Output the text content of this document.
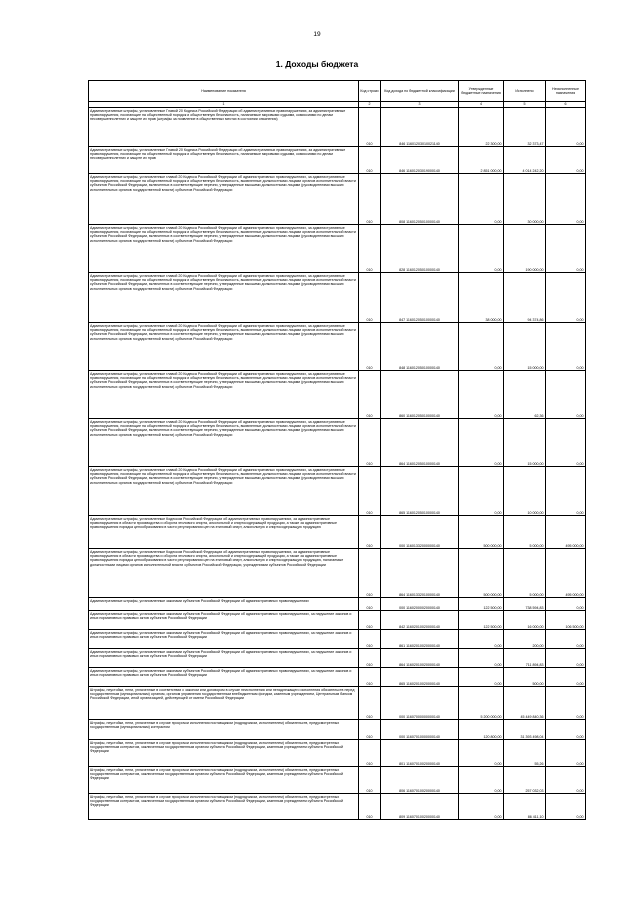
19
1. Доходы бюджета
Наименование показателя	Код строки	Код дохода по бюджетной классификации	Утвержденные бюджетные назначения	Исполнено	Неисполненные назначения
1	2	3	4	5	6
Административные штрафы, установленные Главой 20 Кодекса Российской Федерации об административных правонарушениях, за административные правонарушения, посягающие на общественный порядок и общественную безопасность, налагаемые мировыми судьями, комиссиями по делам несовершеннолетних и защите их прав (штрафы за появление в общественных местах в состоянии опьянения)	010	846 11601203010021140	22 300,00	32 373,47	0,00
Административные штрафы, установленные Главой 20 Кодекса Российской Федерации об административных правонарушениях, за административные правонарушения, посягающие на общественный порядок и общественную безопасность, налагаемые мировыми судьями, комиссиями по делам несовершеннолетних и защите их прав	010	846 11601203019000140	2 851 000,00	4 014 242,20	0,00
Административные штрафы, установленные главой 20 Кодекса Российской Федерации об административных правонарушениях, за административные правонарушения, посягающие на общественный порядок и общественную безопасность, выявленные должностными лицами органов исполнительной власти субъектов Российской Федерации, включенных в соответствующие перечни, утвержденные высшими должностными лицами (руководителями высших исполнительных органов государственной власти) субъектов Российской Федерации	010	808 11601205010000140	0,00	30 000,00	0,00
Административные штрафы, установленные главой 20 Кодекса Российской Федерации об административных правонарушениях, за административные правонарушения, посягающие на общественный порядок и общественную безопасность, выявленные должностными лицами органов исполнительной власти субъектов Российской Федерации, включенных в соответствующие перечни, утвержденные высшими должностными лицами (руководителями высших исполнительных органов государственной власти) субъектов Российской Федерации	010	828 11601205010000140	0,00	190 000,00	0,00
Административные штрафы, установленные главой 20 Кодекса Российской Федерации об административных правонарушениях, за административные правонарушения, посягающие на общественный порядок и общественную безопасность, выявленные должностными лицами органов исполнительной власти субъектов Российской Федерации, включенных в соответствующие перечни, утвержденные высшими должностными лицами (руководителями высших исполнительных органов государственной власти) субъектов Российской Федерации	010	847 11601205010000140	38 000,00	94 374,86	0,00
Административные штрафы, установленные главой 20 Кодекса Российской Федерации об административных правонарушениях, за административные правонарушения, посягающие на общественный порядок и общественную безопасность, выявленные должностными лицами органов исполнительной власти субъектов Российской Федерации, включенных в соответствующие перечни, утвержденные высшими должностными лицами (руководителями высших исполнительных органов государственной власти) субъектов Российской Федерации	010	848 11601205010000140	0,00	15 000,00	0,00
Административные штрафы, установленные главой 20 Кодекса Российской Федерации об административных правонарушениях, за административные правонарушения, посягающие на общественный порядок и общественную безопасность, выявленные должностными лицами органов исполнительной власти субъектов Российской Федерации, включенных в соответствующие перечни, утвержденные высшими должностными лицами (руководителями высших исполнительных органов государственной власти) субъектов Российской Федерации	010	860 11601205010000140	0,00	62,36	0,00
Административные штрафы, установленные главой 20 Кодекса Российской Федерации об административных правонарушениях, за административные правонарушения, посягающие на общественный порядок и общественную безопасность, выявленные должностными лицами органов исполнительной власти субъектов Российской Федерации, включенных в соответствующие перечни, утвержденные высшими должностными лицами (руководителями высших исполнительных органов государственной власти) субъектов Российской Федерации	010	864 11601205010000140	0,00	15 000,00	0,00
Административные штрафы, установленные главой 20 Кодекса Российской Федерации об административных правонарушениях, за административные правонарушения, посягающие на общественный порядок и общественную безопасность, выявленные должностными лицами органов исполнительной власти субъектов Российской Федерации, включенных в соответствующие перечни, утвержденные высшими должностными лицами (руководителями высших исполнительных органов государственной власти) субъектов Российской Федерации	010	865 11601205010000140	0,00	10 000,00	0,00
Административные штрафы, установленные Кодексом Российской Федерации об административных правонарушениях, за административные правонарушения в области производства и оборота этилового спирта, алкогольной и спиртосодержащей продукции, а также за административные правонарушения порядка ценообразования в части регулирования цен на этиловый спирт, алкогольную и спиртосодержащую продукцию	010	000 11601332000000140	500 000,00	5 000,00	495 000,00
Административные штрафы, установленные Кодексом Российской Федерации об административных правонарушениях, за административные правонарушения в области производства и оборота этилового спирта, алкогольной и спиртосодержащей продукции, а также за административные правонарушения порядка ценообразования в части регулирования цен на этиловый спирт, алкогольную и спиртосодержащую продукцию, налагаемые должностными лицами органов исполнительной власти субъектов Российской Федерации, учреждениями субъектов Российской Федерации	010	864 11601332010000140	500 000,00	5 000,00	495 000,00
Административные штрафы, установленные законами субъектов Российской Федерации об административных правонарушениях	010	000 11602000020000140	122 500,00	738 594,83	0,00
Административные штрафы, установленные законами субъектов Российской Федерации об административных правонарушениях, за нарушение законов и иных нормативных правовых актов субъектов Российской Федерации	010	842 11602010020000140	122 500,00	16 000,00	106 500,00
Административные штрафы, установленные законами субъектов Российской Федерации об административных правонарушениях, за нарушение законов и иных нормативных правовых актов субъектов Российской Федерации	010	861 11602010020000140	0,00	200,00	0,00
Административные штрафы, установленные законами субъектов Российской Федерации об административных правонарушениях, за нарушение законов и иных нормативных правовых актов субъектов Российской Федерации	010	864 11602010020000140	0,00	711 894,83	0,00
Административные штрафы, установленные законами субъектов Российской Федерации об административных правонарушениях, за нарушение законов и иных нормативных правовых актов субъектов Российской Федерации	010	865 11602010020000140	0,00	500,00	0,00
Штрафы, неустойки, пени, уплаченные в соответствии с законом или договором в случае неисполнения или ненадлежащего исполнения обязательств перед государственным (муниципальным) органом, органом управления государственным внебюджетным фондом, казенным учреждением, Центральным банком Российской Федерации, иной организацией, действующей от имени Российской Федерации	010	000 11607000000000140	5 200 000,00	45 449 840,36	0,00
Штрафы, неустойки, пени, уплаченные в случае просрочки исполнения поставщиком (подрядчиком, исполнителем) обязательств, предусмотренных государственным (муниципальным) контрактом	010	000 11607010000000140	120 800,00	31 393 498,04	0,00
Штрафы, неустойки, пени, уплаченные в случае просрочки исполнения поставщиком (подрядчиком, исполнителем) обязательств, предусмотренных государственным контрактом, заключенным государственным органом субъекта Российской Федерации, казенным учреждением субъекта Российской Федерации	010	801 11607010020000140	0,00	55,26	0,00
Штрафы, неустойки, пени, уплаченные в случае просрочки исполнения поставщиком (подрядчиком, исполнителем) обязательств, предусмотренных государственным контрактом, заключенным государственным органом субъекта Российской Федерации, казенным учреждением субъекта Российской Федерации	010	806 11607010020000140	0,00	257 032,03	0,00
Штрафы, неустойки, пени, уплаченные в случае просрочки исполнения поставщиком (подрядчиком, исполнителем) обязательств, предусмотренных государственным контрактом, заключенным государственным органом субъекта Российской Федерации, казенным учреждением субъекта Российской Федерации	010	809 11607010020000140	0,00	86 411,10	0,00
